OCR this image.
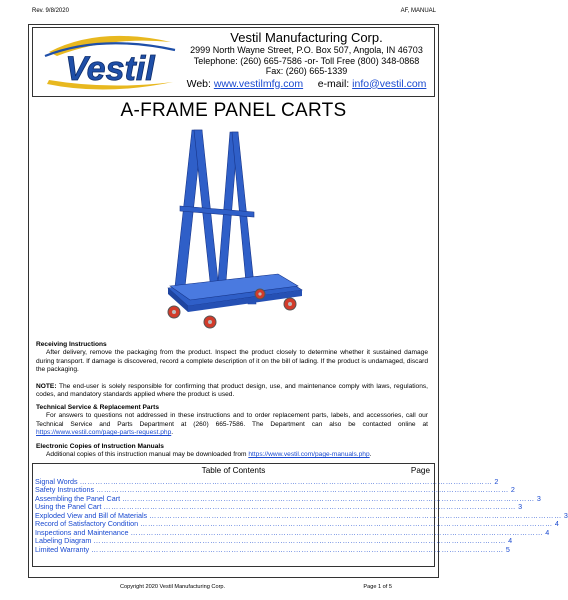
Rev. 9/8/2020	AF, MANUAL
Vestil
Vestil Manufacturing Corp.
2999 North Wayne Street, P.O. Box 507, Angola, IN 46703
Telephone: (260) 665-7586 -or- Toll Free (800) 348-0868
Fax: (260) 665-1339
Web: www.vestilmfg.com e-mail: info@vestil.com
A-FRAME PANEL CARTS
Receiving Instructions
After delivery, remove the packaging from the product. Inspect the product closely to determine whether it sustained damage during transport. If damage is discovered, record a complete description of it on the bill of lading. If the product is undamaged, discard the packaging.
NOTE: The end-user is solely responsible for confirming that product design, use, and maintenance comply with laws, regulations, codes, and mandatory standards applied where the product is used.
Technical Service & Replacement Parts
For answers to questions not addressed in these instructions and to order replacement parts, labels, and accessories, call our Technical Service and Parts Department at (260) 665-7586. The Department can also be contacted online at https://www.vestil.com/page-parts-request.php.
Electronic Copies of Instruction Manuals
Additional copies of this instruction manual may be downloaded from https://www.vestil.com/page-manuals.php.
Table of Contents	Page
Signal Words …………………………………………………………………………………………………………………………………………… 2
Safety Instructions …………………………………………………………………………………………………………………………………………… 2
Assembling the Panel Cart …………………………………………………………………………………………………………………………………………… 3
Using the Panel Cart …………………………………………………………………………………………………………………………………………… 3
Exploded View and Bill of Materials …………………………………………………………………………………………………………………………………………… 3
Record of Satisfactory Condition …………………………………………………………………………………………………………………………………………… 4
Inspections and Maintenance …………………………………………………………………………………………………………………………………………… 4
Labeling Diagram …………………………………………………………………………………………………………………………………………… 4
Limited Warranty …………………………………………………………………………………………………………………………………………… 5
Copyright 2020 Vestil Manufacturing Corp.	Page 1 of 5
